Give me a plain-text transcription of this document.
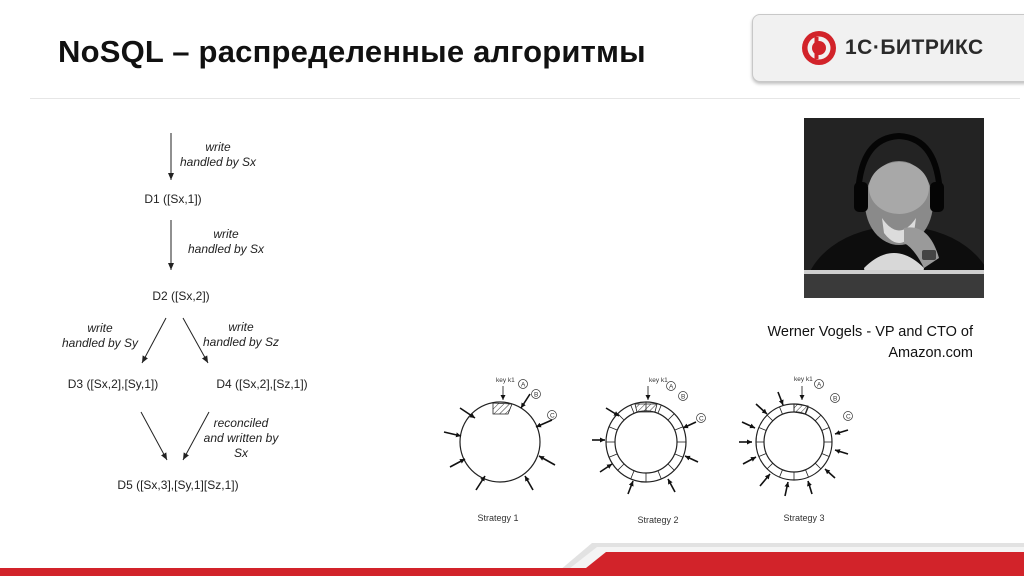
NoSQL – распределенные алгоритмы	1С·БИТРИКС
write
handled by Sx
D1 ([Sx,1])
write
handled by Sx
D2 ([Sx,2])
write
handled by Sy
write
handled by Sz
D3 ([Sx,2],[Sy,1])	D4 ([Sx,2],[Sz,1])
reconciled
and written by
Sx
D5 ([Sx,3],[Sy,1][Sz,1])
Werner Vogels - VP and CTO of
Amazon.com
key k1
A
B
C
Strategy 1
key k1
A
B
C
Strategy 2
key k1
A
B
C
Strategy 3
